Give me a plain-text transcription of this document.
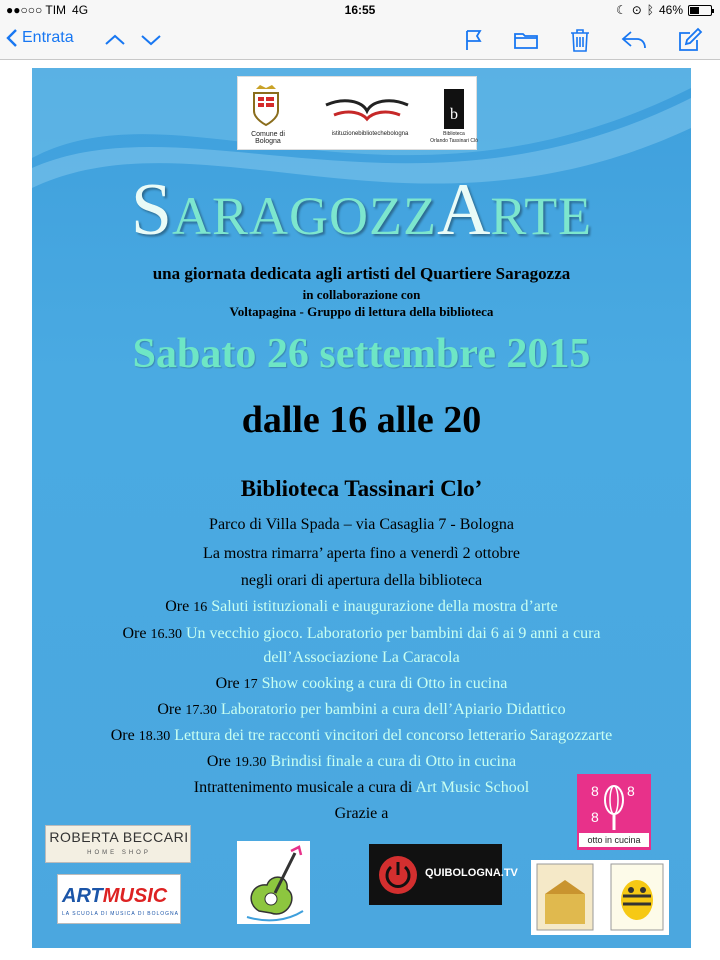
●●○○○ TIM 4G	16:55	☾ ⊙ ᛒ 46%
Entrata
Comune di Bologna
istituzionebibliotechebologna
b
Biblioteca
Orlando Tassinari Clò
SARAGOZZARTE
una giornata dedicata agli artisti del Quartiere Saragozza
in collaborazione con
Voltapagina - Gruppo di lettura della biblioteca
Sabato 26 settembre 2015
dalle 16 alle 20
Biblioteca Tassinari Clo’
Parco di Villa Spada – via Casaglia 7 - Bologna
La mostra rimarra’ aperta fino a venerdì 2 ottobre
negli orari di apertura della biblioteca
Ore 16 Saluti istituzionali e inaugurazione della mostra d’arte
Ore 16.30 Un vecchio gioco. Laboratorio per bambini dai 6 ai 9 anni a cura
dell’Associazione La Caracola
Ore 17 Show cooking a cura di Otto in cucina
Ore 17.30 Laboratorio per bambini a cura dell’Apiario Didattico
Ore 18.30 Lettura dei tre racconti vincitori del concorso letterario Saragozzarte
Ore 19.30 Brindisi finale a cura di Otto in cucina
Intrattenimento musicale a cura di Art Music School
Grazie a
ROBERTA BECCARI
HOME SHOP
8 8
8
otto in cucina
ARTMUSIC
LA SCUOLA DI MUSICA DI BOLOGNA
QUIBOLOGNA.TV
